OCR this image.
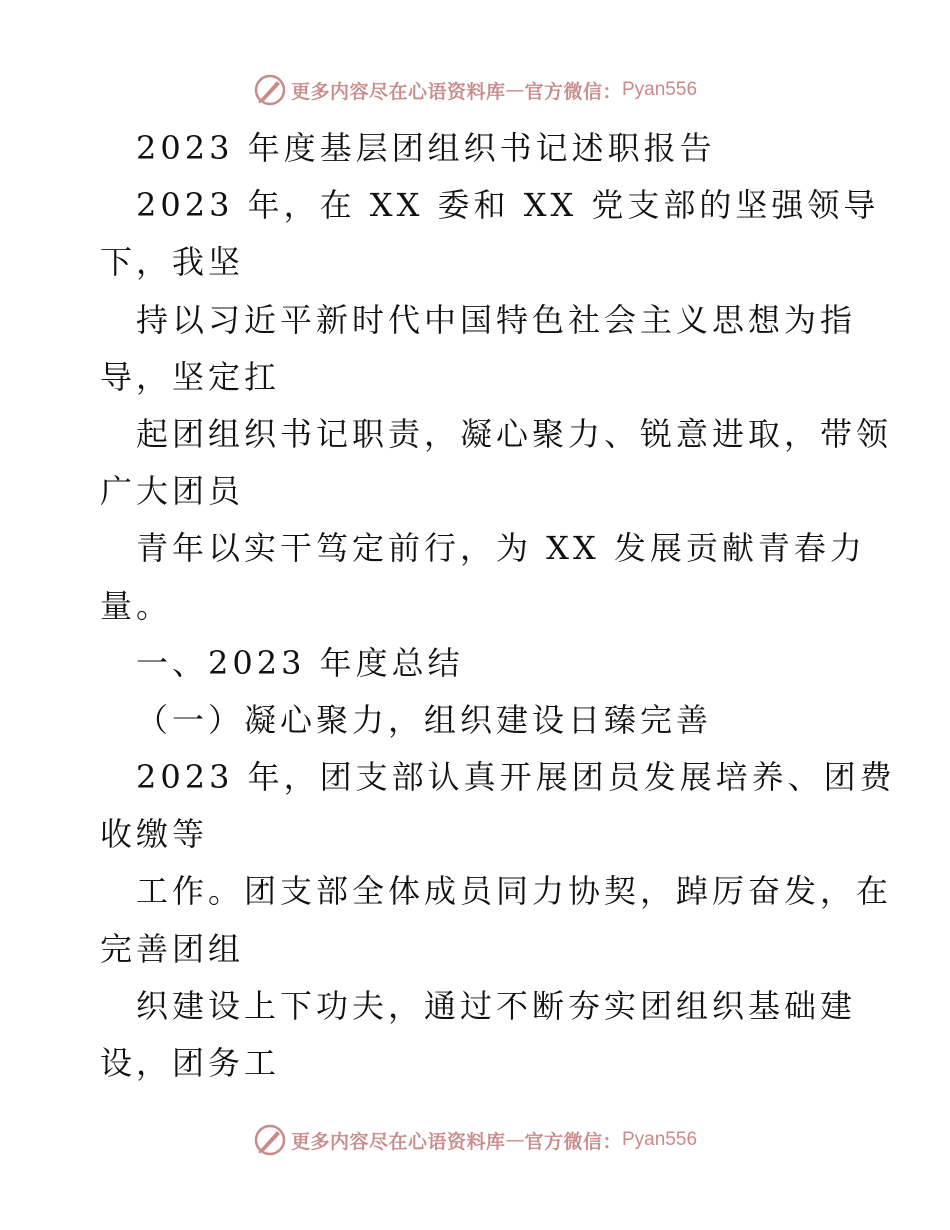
更多内容尽在心语资料库 — 官方微信： Pyan556
2023 年度基层团组织书记述职报告
2023 年，在 XX 委和 XX 党支部的坚强领导
下，我坚
持以习近平新时代中国特色社会主义思想为指
导，坚定扛
起团组织书记职责，凝心聚力、锐意进取，带领
广大团员
青年以实干笃定前行，为 XX 发展贡献青春力
量。
一、2023 年度总结
（一）凝心聚力，组织建设日臻完善
2023 年，团支部认真开展团员发展培养、团费
收缴等
工作。团支部全体成员同力协契，踔厉奋发，在
完善团组
织建设上下功夫，通过不断夯实团组织基础建
设，团务工
更多内容尽在心语资料库 — 官方微信： Pyan556
